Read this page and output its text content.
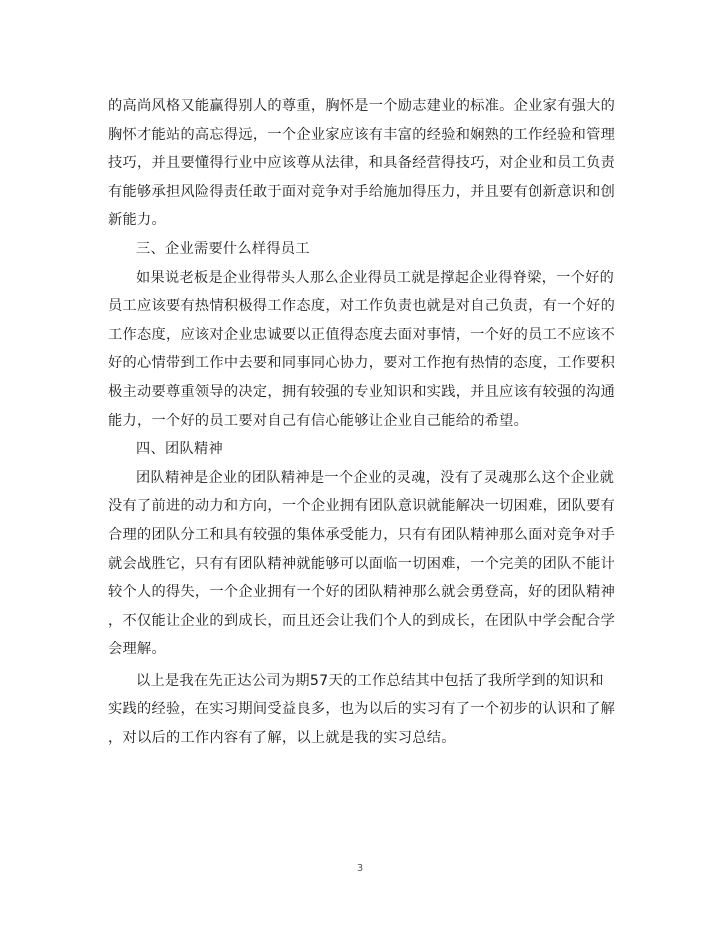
的高尚风格又能赢得别人的尊重，胸怀是一个励志建业的标准。企业家有强大的
胸怀才能站的高忘得远，一个企业家应该有丰富的经验和娴熟的工作经验和管理
技巧，并且要懂得行业中应该尊从法律，和具备经营得技巧，对企业和员工负责
有能够承担风险得责任敢于面对竞争对手给施加得压力，并且要有创新意识和创
新能力。
三、企业需要什么样得员工
如果说老板是企业得带头人那么企业得员工就是撑起企业得脊梁，一个好的
员工应该要有热情积极得工作态度，对工作负责也就是对自己负责，有一个好的
工作态度，应该对企业忠诚要以正值得态度去面对事情，一个好的员工不应该不
好的心情带到工作中去要和同事同心协力，要对工作抱有热情的态度，工作要积
极主动要尊重领导的决定，拥有较强的专业知识和实践，并且应该有较强的沟通
能力，一个好的员工要对自己有信心能够让企业自己能给的希望。
四、团队精神
团队精神是企业的团队精神是一个企业的灵魂，没有了灵魂那么这个企业就
没有了前进的动力和方向，一个企业拥有团队意识就能解决一切困难，团队要有
合理的团队分工和具有较强的集体承受能力，只有有团队精神那么面对竞争对手
就会战胜它，只有有团队精神就能够可以面临一切困难，一个完美的团队不能计
较个人的得失，一个企业拥有一个好的团队精神那么就会勇登高，好的团队精神
，不仅能让企业的到成长，而且还会让我们个人的到成长，在团队中学会配合学
会理解。
以上是我在先正达公司为期57天的工作总结其中包括了我所学到的知识和
实践的经验，在实习期间受益良多，也为以后的实习有了一个初步的认识和了解
，对以后的工作内容有了解，以上就是我的实习总结。
3
